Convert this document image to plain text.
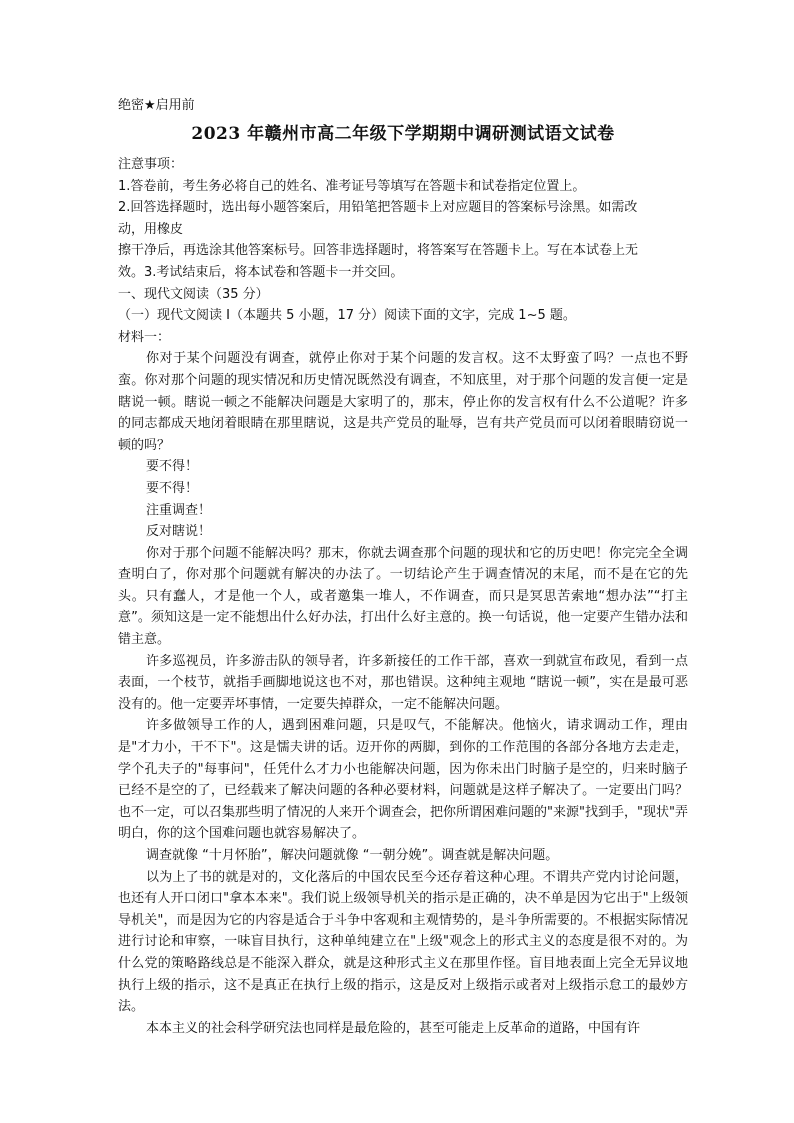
绝密★启用前

2023 年赣州市高二年级下学期期中调研测试语文试卷

注意事项：

1.答卷前，考生务必将自己的姓名、准考证号等填写在答题卡和试卷指定位置上。

2.回答选择题时，选出每小题答案后，用铅笔把答题卡上对应题目的答案标号涂黑。如需改

动，用橡皮

擦干净后，再选涂其他答案标号。回答非选择题时，将答案写在答题卡上。写在本试卷上无

效。3.考试结束后，将本试卷和答题卡一并交回。

一、现代文阅读（35 分）

（一）现代文阅读 I（本题共 5 小题，17 分）阅读下面的文字，完成 1~5 题。

材料一：

你对于某个问题没有调查，就停止你对于某个问题的发言权。这不太野蛮了吗？一点也不野蛮。你对那个问题的现实情况和历史情况既然没有调查，不知底里，对于那个问题的发言便一定是瞎说一顿。瞎说一顿之不能解决问题是大家明了的，那末，停止你的发言权有什么不公道呢？许多的同志都成天地闭着眼睛在那里瞎说，这是共产党员的耻辱，岂有共产党员而可以闭着眼睛窃说一顿的吗？

要不得！

要不得！

注重调查！

反对瞎说！

你对于那个问题不能解决吗？那末，你就去调查那个问题的现状和它的历史吧！你完完全全调查明白了，你对那个问题就有解决的办法了。一切结论产生于调查情况的末尾，而不是在它的先头。只有蠢人，才是他一个人，或者邀集一堆人，不作调查，而只是冥思苦索地“想办法”“打主意”。须知这是一定不能想出什么好办法，打出什么好主意的。换一句话说，他一定要产生错办法和错主意。

许多巡视员，许多游击队的领导者，许多新接任的工作干部，喜欢一到就宣布政见，看到一点表面，一个枝节，就指手画脚地说这也不对，那也错误。这种纯主观地 “瞎说一顿”，实在是最可恶没有的。他一定要弄坏事情，一定要失掉群众，一定不能解决问题。

许多做领导工作的人，遇到困难问题，只是叹气，不能解决。他恼火，请求调动工作，理由是"才力小，干不下"。这是懦夫讲的话。迈开你的两脚，到你的工作范围的各部分各地方去走走，学个孔夫子的"每事问"，任凭什么才力小也能解决问题，因为你未出门时脑子是空的，归来时脑子已经不是空的了，已经载来了解决问题的各种必要材料，问题就是这样子解决了。一定要出门吗？也不一定，可以召集那些明了情况的人来开个调查会，把你所谓困难问题的"来源"找到手，"现状"弄明白，你的这个国难问题也就容易解决了。

调查就像 “十月怀胎”，解决问题就像 “一朝分娩”。调查就是解决问题。

以为上了书的就是对的，文化落后的中国农民至今还存着这种心理。不谓共产党内讨论问题，也还有人开口闭口"拿本本来"。我们说上级领导机关的指示是正确的，决不单是因为它出于"上级领导机关"，而是因为它的内容是适合于斗争中客观和主观情势的，是斗争所需要的。不根据实际情况进行讨论和审察，一味盲目执行，这种单纯建立在"上级"观念上的形式主义的态度是很不对的。为什么党的策略路线总是不能深入群众，就是这种形式主义在那里作怪。盲目地表面上完全无异议地执行上级的指示，这不是真正在执行上级的指示，这是反对上级指示或者对上级指示怠工的最妙方法。

本本主义的社会科学研究法也同样是最危险的，甚至可能走上反革命的道路，中国有许
